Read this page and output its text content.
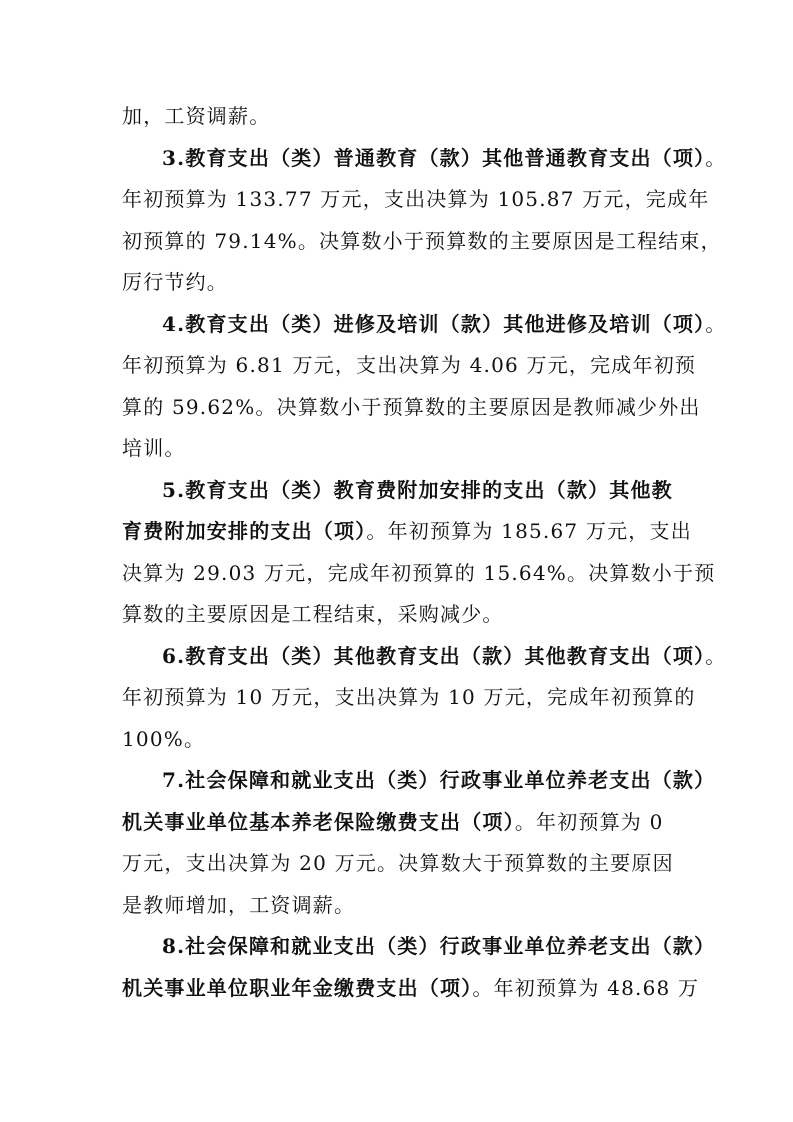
加，工资调薪。
3.教育支出（类）普通教育（款）其他普通教育支出（项）。
年初预算为 133.77 万元，支出决算为 105.87 万元，完成年
初预算的 79.14%。决算数小于预算数的主要原因是工程结束，
厉行节约。
4.教育支出（类）进修及培训（款）其他进修及培训（项）。
年初预算为 6.81 万元，支出决算为 4.06 万元，完成年初预
算的 59.62%。决算数小于预算数的主要原因是教师减少外出
培训。
5.教育支出（类）教育费附加安排的支出（款）其他教
育费附加安排的支出（项）。年初预算为 185.67 万元，支出
决算为 29.03 万元，完成年初预算的 15.64%。决算数小于预
算数的主要原因是工程结束，采购减少。
6.教育支出（类）其他教育支出（款）其他教育支出（项）。
年初预算为 10 万元，支出决算为 10 万元，完成年初预算的
100%。
7.社会保障和就业支出（类）行政事业单位养老支出（款）
机关事业单位基本养老保险缴费支出（项）。年初预算为 0
万元，支出决算为 20 万元。决算数大于预算数的主要原因
是教师增加，工资调薪。
8.社会保障和就业支出（类）行政事业单位养老支出（款）
机关事业单位职业年金缴费支出（项）。年初预算为 48.68 万
